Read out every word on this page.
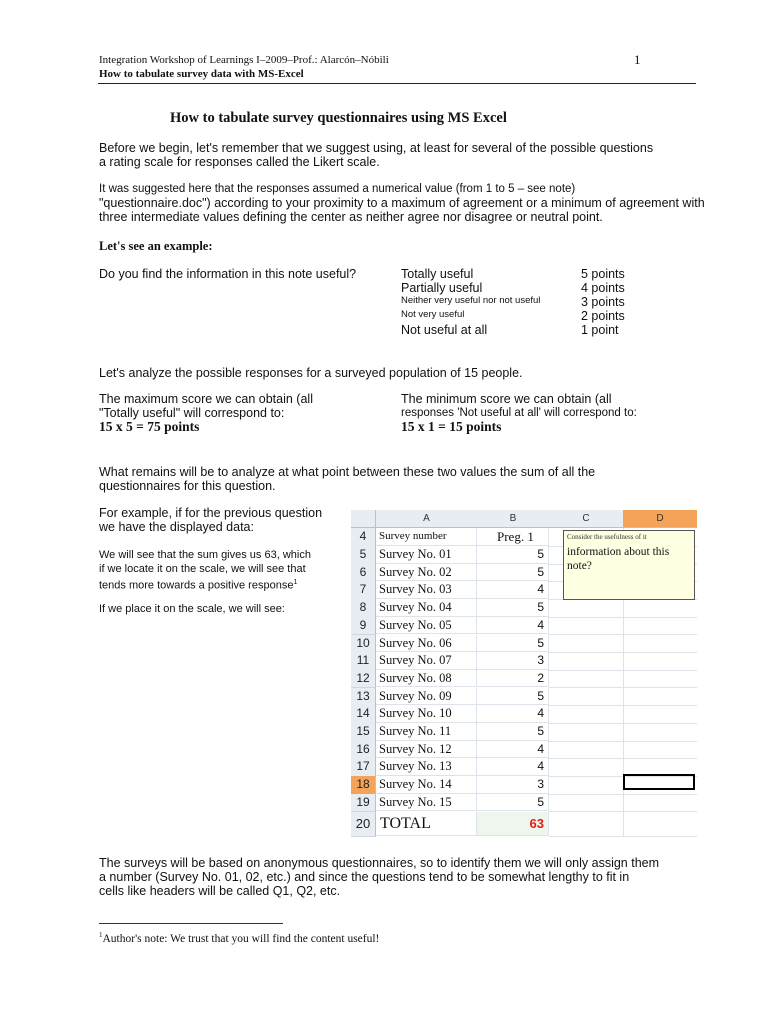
Integration Workshop of Learnings I–2009–Prof.: Alarcón–Nóbili
How to tabulate survey data with MS-Excel
1
How to tabulate survey questionnaires using MS Excel
Before we begin, let's remember that we suggest using, at least for several of the possible questions
a rating scale for responses called the Likert scale.
It was suggested here that the responses assumed a numerical value (from 1 to 5 – see note)
"questionnaire.doc") according to your proximity to a maximum of agreement or a minimum of agreement with
three intermediate values defining the center as neither agree nor disagree or neutral point.
Let's see an example:
Do you find the information in this note useful?	Totally useful	5 points
Partially useful	4 points
Neither very useful nor not useful	3 points
Not very useful	2 points
Not useful at all	1 point
Let's analyze the possible responses for a surveyed population of 15 people.
The maximum score we can obtain (all
"Totally useful" will correspond to:
15 x 5 = 75 points
The minimum score we can obtain (all
responses 'Not useful at all' will correspond to:
15 x 1 = 15 points
What remains will be to analyze at what point between these two values the sum of all the
questionnaires for this question.
For example, if for the previous question
we have the displayed data:
We will see that the sum gives us 63, which
if we locate it on the scale, we will see that
tends more towards a positive response$^1$
If we place it on the scale, we will see:
A	B	C	D
4	Survey number	Preg. 1
5	Survey No. 01	5
6	Survey No. 02	5
7	Survey No. 03	4
8	Survey No. 04	5
9	Survey No. 05	4
10 Survey No. 06	5
11 Survey No. 07	3
12 Survey No. 08	2
13 Survey No. 09	5
14 Survey No. 10	4
15 Survey No. 11	5
16 Survey No. 12	4
17 Survey No. 13	4
18 Survey No. 14	3
19 Survey No. 15	5
20 TOTAL	63
Consider the usefulness of it
information about this note?
The surveys will be based on anonymous questionnaires, so to identify them we will only assign them
a number (Survey No. 01, 02, etc.) and since the questions tend to be somewhat lengthy to fit in
cells like headers will be called Q1, Q2, etc.
$^1$Author's note: We trust that you will find the content useful!
